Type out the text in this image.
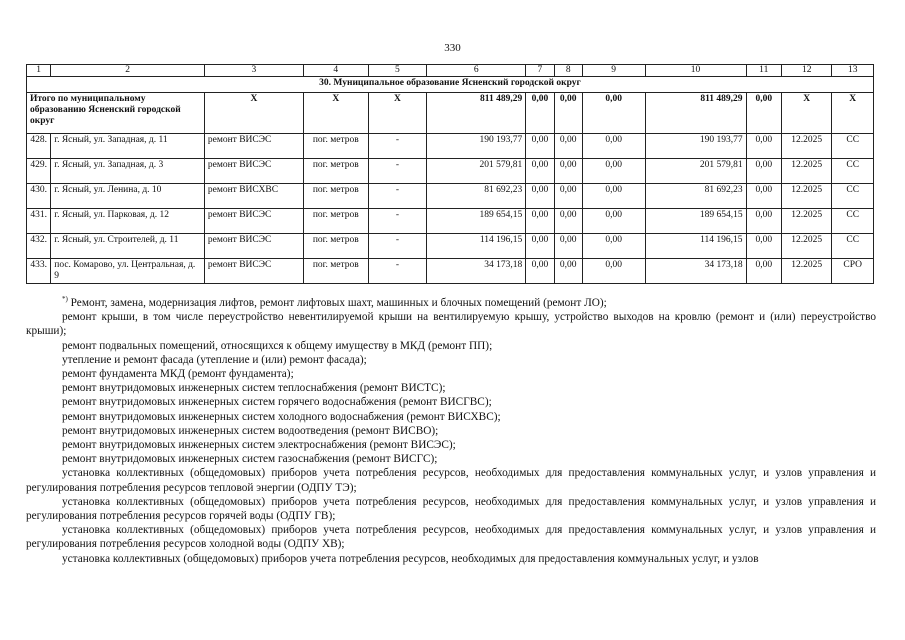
330
1	2	3	4	5	6	7	8	9	10	11	12	13
30. Муниципальное образование Ясненский городской округ												
Итого по муниципальному образованию Ясненский городской округ		X	X	X	811 489,29	0,00	0,00	0,00	811 489,29	0,00	X	X
428.	г. Ясный, ул. Западная, д. 11	ремонт ВИСЭС	пог. метров	-	190 193,77	0,00	0,00	0,00	190 193,77	0,00	12.2025	СС
429.	г. Ясный, ул. Западная, д. 3	ремонт ВИСЭС	пог. метров	-	201 579,81	0,00	0,00	0,00	201 579,81	0,00	12.2025	СС
430.	г. Ясный, ул. Ленина, д. 10	ремонт ВИСХВС	пог. метров	-	81 692,23	0,00	0,00	0,00	81 692,23	0,00	12.2025	СС
431.	г. Ясный, ул. Парковая, д. 12	ремонт ВИСЭС	пог. метров	-	189 654,15	0,00	0,00	0,00	189 654,15	0,00	12.2025	СС
432.	г. Ясный, ул. Строителей, д. 11	ремонт ВИСЭС	пог. метров	-	114 196,15	0,00	0,00	0,00	114 196,15	0,00	12.2025	СС
433.	пос. Комарово, ул. Центральная, д. 9	ремонт ВИСЭС	пог. метров	-	34 173,18	0,00	0,00	0,00	34 173,18	0,00	12.2025	СРО

*) Ремонт, замена, модернизация лифтов, ремонт лифтовых шахт, машинных и блочных помещений (ремонт ЛО);

ремонт крыши, в том числе переустройство невентилируемой крыши на вентилируемую крышу, устройство выходов на кровлю (ремонт и (или) переустройство крыши);

ремонт подвальных помещений, относящихся к общему имуществу в МКД (ремонт ПП);

утепление и ремонт фасада (утепление и (или) ремонт фасада);

ремонт фундамента МКД (ремонт фундамента);

ремонт внутридомовых инженерных систем теплоснабжения (ремонт ВИСТС);

ремонт внутридомовых инженерных систем горячего водоснабжения (ремонт ВИСГВС);

ремонт внутридомовых инженерных систем холодного водоснабжения (ремонт ВИСХВС);

ремонт внутридомовых инженерных систем водоотведения (ремонт ВИСВО);

ремонт внутридомовых инженерных систем электроснабжения (ремонт ВИСЭС);

ремонт внутридомовых инженерных систем газоснабжения (ремонт ВИСГС);

установка коллективных (общедомовых) приборов учета потребления ресурсов, необходимых для предоставления коммунальных услуг, и узлов управления и регулирования потребления ресурсов тепловой энергии (ОДПУ ТЭ);

установка коллективных (общедомовых) приборов учета потребления ресурсов, необходимых для предоставления коммунальных услуг, и узлов управления и регулирования потребления ресурсов горячей воды (ОДПУ ГВ);

установка коллективных (общедомовых) приборов учета потребления ресурсов, необходимых для предоставления коммунальных услуг, и узлов управления и регулирования потребления ресурсов холодной воды (ОДПУ ХВ);

установка коллективных (общедомовых) приборов учета потребления ресурсов, необходимых для предоставления коммунальных услуг, и узлов
